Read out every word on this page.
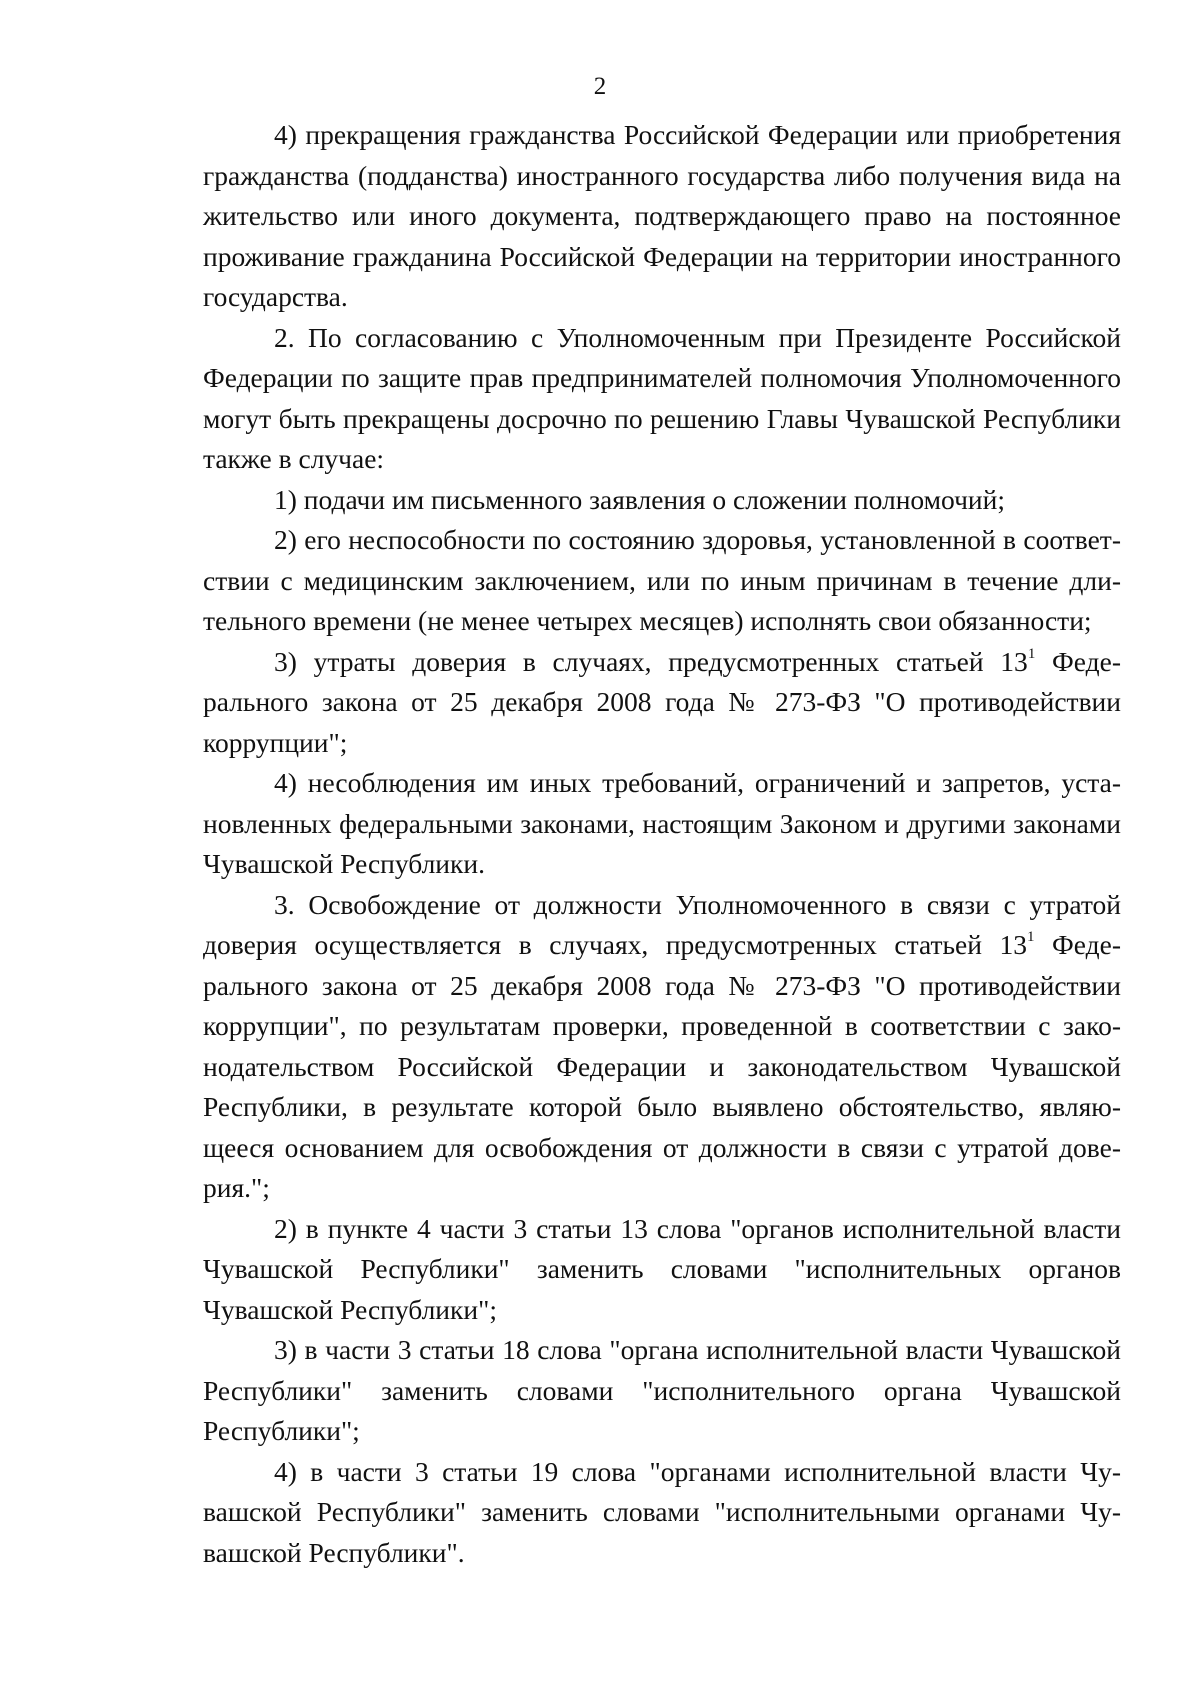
2

4) прекращения гражданства Российской Федерации или приобретения гражданства (подданства) иностранного государства либо получения вида на жительство или иного документа, подтверждающего право на постоянное проживание гражданина Российской Федерации на территории иностранного государства.

2. По согласованию с Уполномоченным при Президенте Российской Федерации по защите прав предпринимателей полномочия Уполномоченного могут быть прекращены досрочно по решению Главы Чувашской Республики также в случае:

1) подачи им письменного заявления о сложении полномочий;

2) его неспособности по состоянию здоровья, установленной в соответствии с медицинским заключением, или по иным причинам в течение длительного времени (не менее четырех месяцев) исполнять свои обязанности;

3) утраты доверия в случаях, предусмотренных статьей $13^1$ Федерального закона от 25 декабря 2008 года № 273-ФЗ "О противодействии коррупции";

4) несоблюдения им иных требований, ограничений и запретов, установленных федеральными законами, настоящим Законом и другими законами Чувашской Республики.

3. Освобождение от должности Уполномоченного в связи с утратой доверия осуществляется в случаях, предусмотренных статьей $13^1$ Федерального закона от 25 декабря 2008 года № 273-ФЗ "О противодействии коррупции", по результатам проверки, проведенной в соответствии с законодательством Российской Федерации и законодательством Чувашской Республики, в результате которой было выявлено обстоятельство, являющееся основанием для освобождения от должности в связи с утратой доверия.";

2) в пункте 4 части 3 статьи 13 слова "органов исполнительной власти Чувашской Республики" заменить словами "исполнительных органов Чувашской Республики";

3) в части 3 статьи 18 слова "органа исполнительной власти Чувашской Республики" заменить словами "исполнительного органа Чувашской Республики";

4) в части 3 статьи 19 слова "органами исполнительной власти Чувашской Республики" заменить словами "исполнительными органами Чувашской Республики".
